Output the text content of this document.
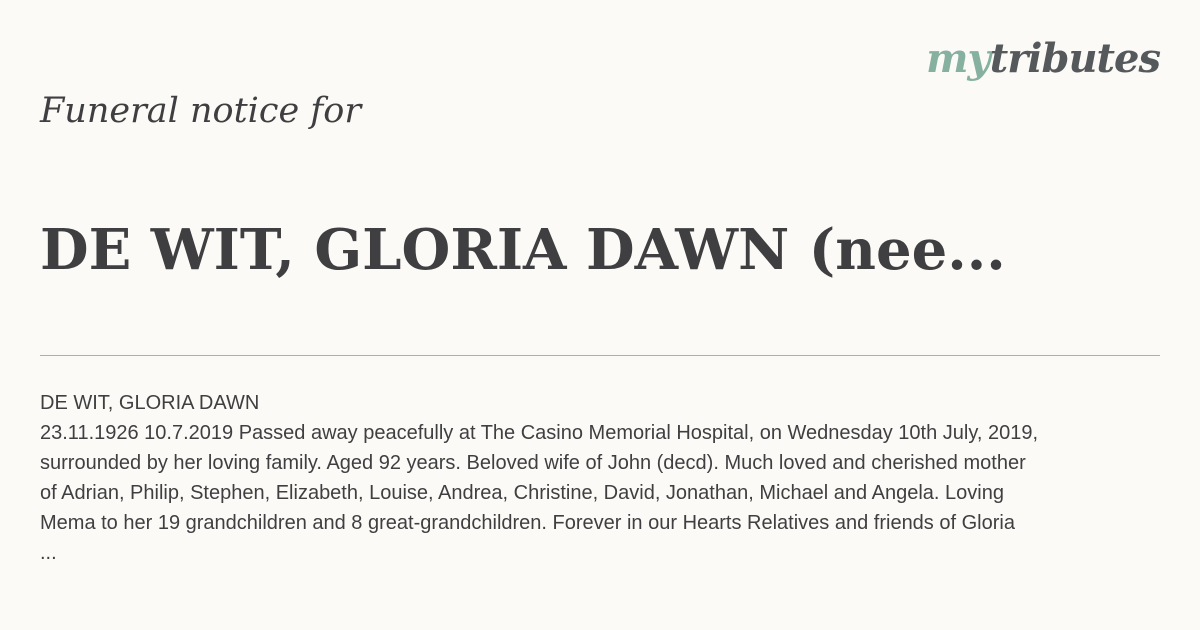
mytributes
Funeral notice for
DE WIT, GLORIA DAWN (nee...
DE WIT, GLORIA DAWN
23.11.1926 10.7.2019 Passed away peacefully at The Casino Memorial Hospital, on Wednesday 10th July, 2019,
surrounded by her loving family. Aged 92 years. Beloved wife of John (decd). Much loved and cherished mother
of Adrian, Philip, Stephen, Elizabeth, Louise, Andrea, Christine, David, Jonathan, Michael and Angela. Loving
Mema to her 19 grandchildren and 8 great-grandchildren. Forever in our Hearts Relatives and friends of Gloria
...
